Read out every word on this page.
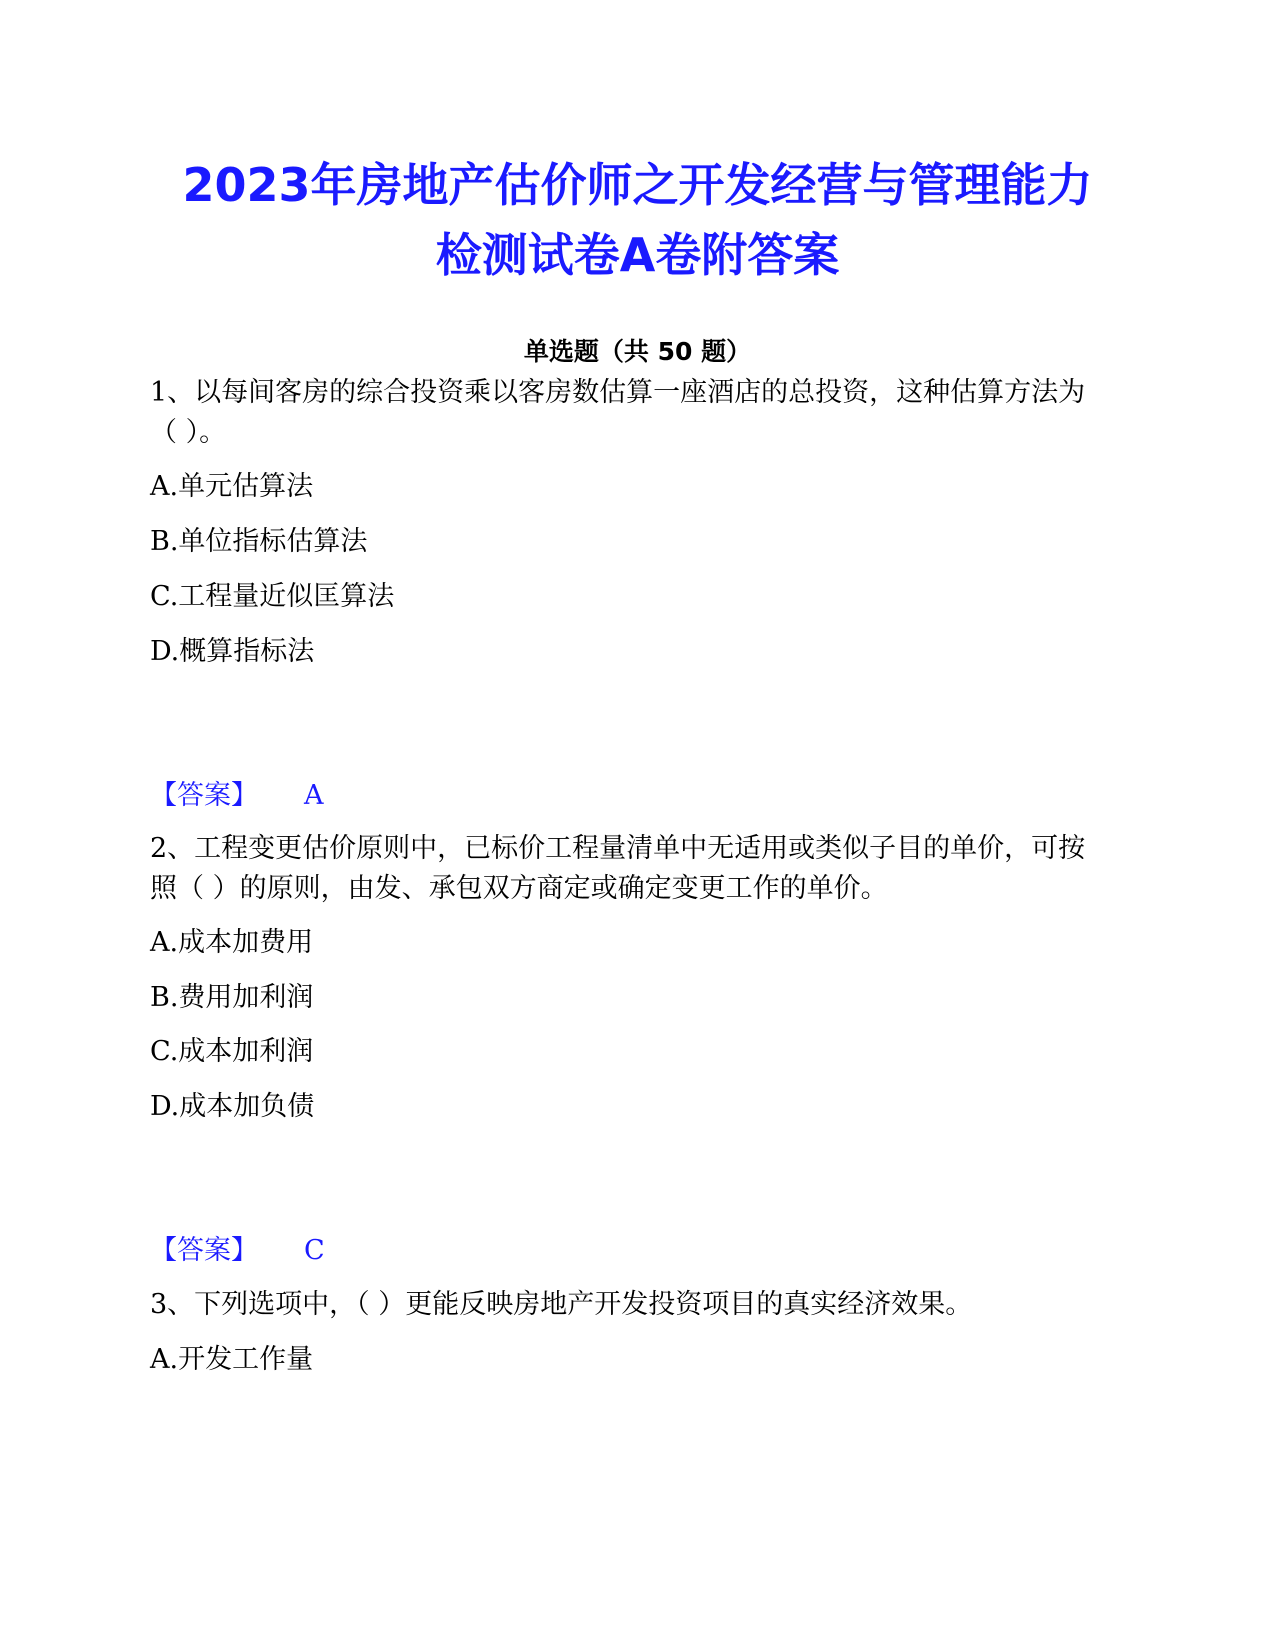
2023年房地产估价师之开发经营与管理能力
检测试卷A卷附答案
单选题（共 50 题）

1、以每间客房的综合投资乘以客房数估算一座酒店的总投资，这种估算方法为（ ）。

A.单元估算法
B.单位指标估算法
C.工程量近似匡算法
D.概算指标法
【答案】 A

2、工程变更估价原则中，已标价工程量清单中无适用或类似子目的单价，可按照（ ）的原则，由发、承包双方商定或确定变更工作的单价。

A.成本加费用
B.费用加利润
C.成本加利润
D.成本加负债
【答案】 C

3、下列选项中，（ ）更能反映房地产开发投资项目的真实经济效果。

A.开发工作量
